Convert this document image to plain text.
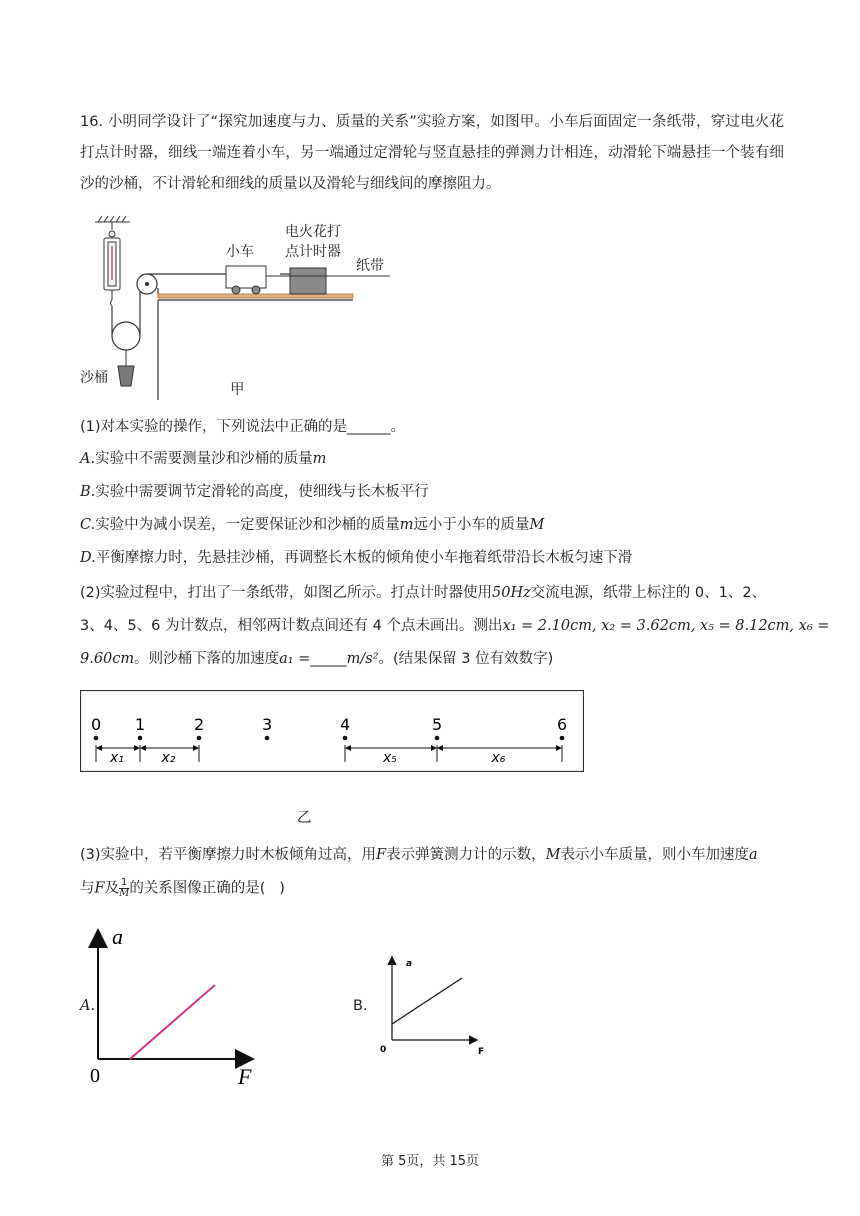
16. 小明同学设计了“探究加速度与力、质量的关系”实验方案，如图甲。小车后面固定一条纸带，穿过电火花打点计时器，细线一端连着小车，另一端通过定滑轮与竖直悬挂的弹测力计相连，动滑轮下端悬挂一个装有细沙的沙桶，不计滑轮和细线的质量以及滑轮与细线间的摩擦阻力。
小车
电火花打
点计时器
纸带
沙桶
甲
(1)对本实验的操作，下列说法中正确的是______。
A.实验中不需要测量沙和沙桶的质量m
B.实验中需要调节定滑轮的高度，使细线与长木板平行
C.实验中为减小误差，一定要保证沙和沙桶的质量m远小于小车的质量M
D.平衡摩擦力时，先悬挂沙桶，再调整长木板的倾角使小车拖着纸带沿长木板匀速下滑
(2)实验过程中，打出了一条纸带，如图乙所示。打点计时器使用50Hz交流电源，纸带上标注的 0、1、2、
3、4、5、6 为计数点，相邻两计数点间还有 4 个点未画出。测出x₁ = 2.10cm, x₂ = 3.62cm, x₅ = 8.12cm, x₆ =
9.60cm。则沙桶下落的加速度a₁ =_____m/s²。(结果保留 3 位有效数字)
0 1	2	3	4	5	6
x₁	x₂	x₅	x₆
乙
(3)实验中，若平衡摩擦力时木板倾角过高，用F表示弹簧测力计的示数，M表示小车质量，则小车加速度a
与F及 $\frac{1}{M}$ 的关系图像正确的是( )
A.
a
F
0
B.
a
F
0
第 5页，共 15页
